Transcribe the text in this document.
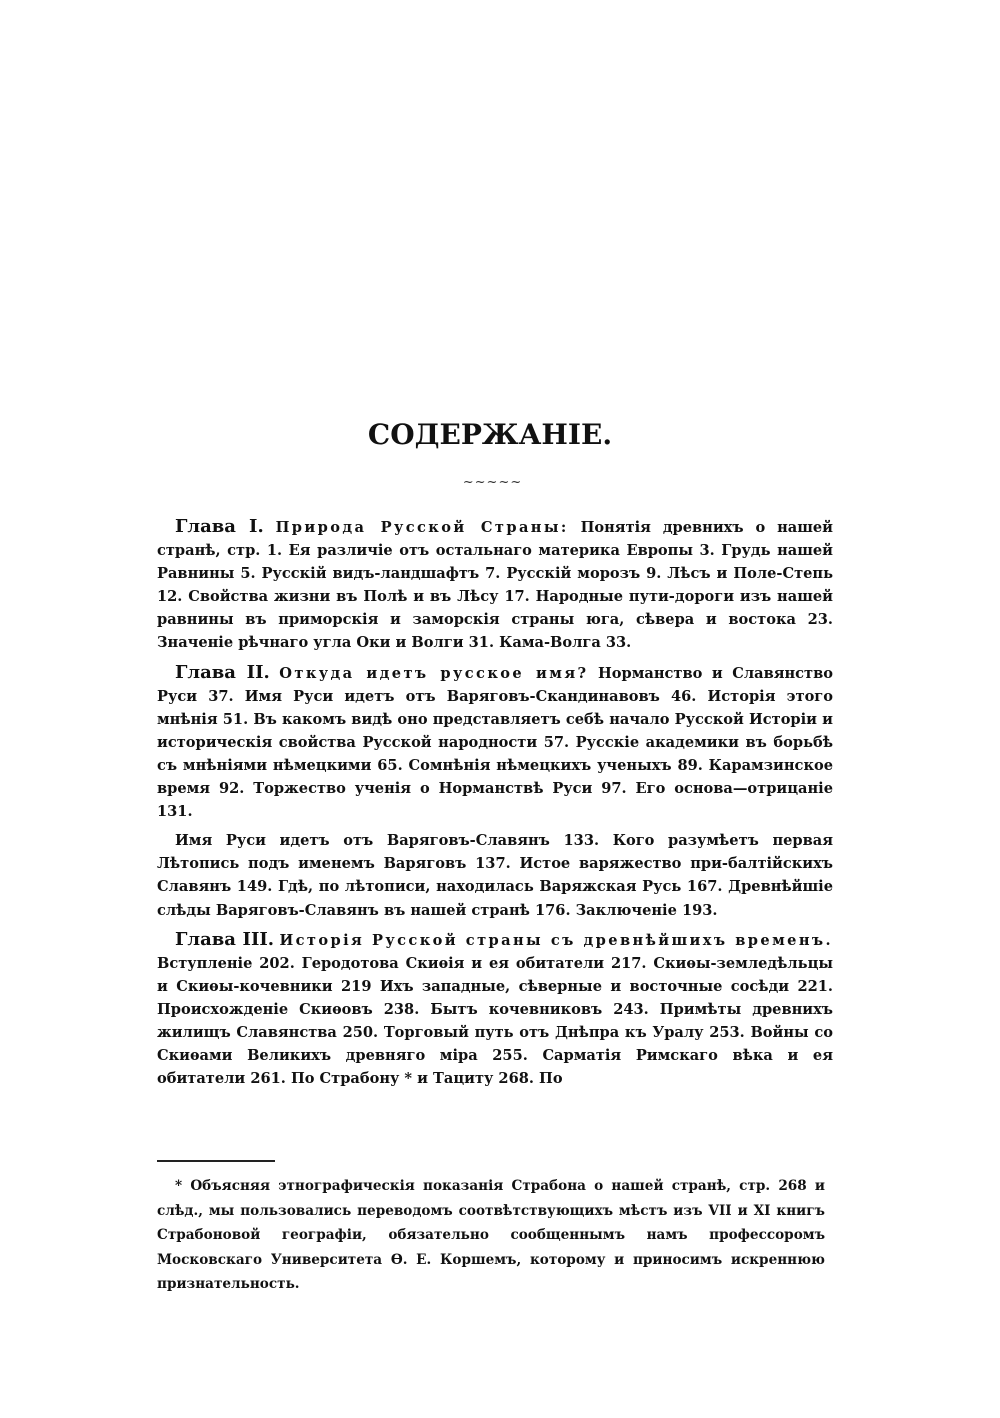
СОДЕРЖАНІЕ.
~~~~~

Глава I. Природа Русской Страны: Понятія древнихъ о нашей странѣ, стр. 1. Ея различіе отъ остальнаго материка Европы 3. Грудь нашей Равнины 5. Русскій видъ-ландшафтъ 7. Русскій морозъ 9. Лѣсъ и Поле-Степь 12. Свойства жизни въ Полѣ и въ Лѣсу 17. Народные пути-дороги изъ нашей равнины въ приморскія и заморскія страны юга, сѣвера и востока 23. Значеніе рѣчнаго угла Оки и Волги 31. Кама-Волга 33.

Глава II. Откуда идетъ русское имя? Норманство и Славянство Руси 37. Имя Руси идетъ отъ Варяговъ-Скандинавовъ 46. Исторія этого мнѣнія 51. Въ какомъ видѣ оно представляетъ себѣ начало Русской Исторіи и историческія свойства Русской народности 57. Русскіе академики въ борьбѣ съ мнѣніями нѣмецкими 65. Сомнѣнія нѣмецкихъ ученыхъ 89. Карамзинское время 92. Торжество ученія о Норманствѣ Руси 97. Его основа—отрицаніе 131.

Имя Руси идетъ отъ Варяговъ-Славянъ 133. Кого разумѣетъ первая Лѣтопись подъ именемъ Варяговъ 137. Истое варяжество при-балтійскихъ Славянъ 149. Гдѣ, по лѣтописи, находилась Варяжская Русь 167. Древнѣйшіе слѣды Варяговъ-Славянъ въ нашей странѣ 176. Заключеніе 193.

Глава III. Исторія Русской страны съ древнѣйшихъ временъ. Вступленіе 202. Геродотова Скиѳія и ея обитатели 217. Скиѳы-земледѣльцы и Скиѳы-кочевники 219 Ихъ западные, сѣверные и восточные сосѣди 221. Происхожденіе Скиѳовъ 238. Бытъ кочевниковъ 243. Примѣты древнихъ жилищъ Славянства 250. Торговый путь отъ Днѣпра къ Уралу 253. Войны со Скиѳами Великихъ древняго міра 255. Сарматія Римскаго вѣка и ея обитатели 261. По Страбону * и Тациту 268. По

* Объясняя этнографическія показанія Страбона о нашей странѣ, стр. 268 и слѣд., мы пользовались переводомъ соотвѣтствующихъ мѣстъ изъ VII и XI книгъ Страбоновой географіи, обязательно сообщеннымъ намъ профессоромъ Московскаго Университета Ѳ. Е. Коршемъ, которому и приносимъ искреннюю признательность.
